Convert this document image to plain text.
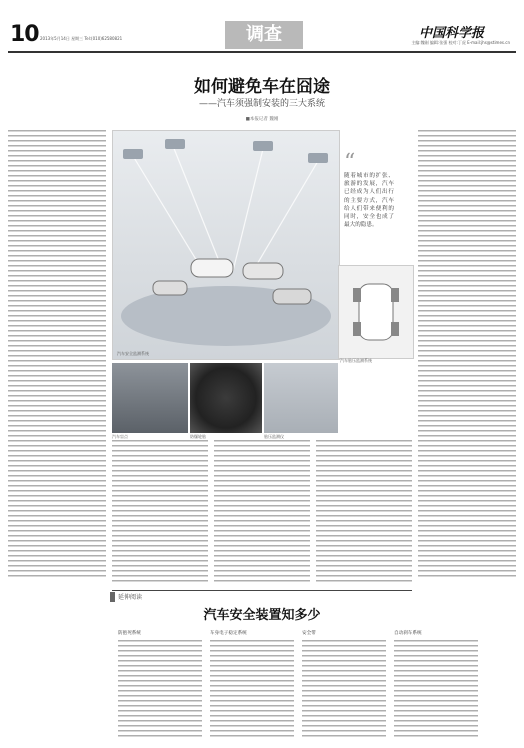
10 2013年5月14日 星期三 Tel:(010)62580821	调查	中国科学报
主编:魏刚 编辑:张强 校对:丁虎 E-mail:jhs@stimes.cn
如何避免车在囧途
——汽车须强制安装的三大系统
■本报记者 魏刚
汽车安全监测系统
“
随着城市的扩张、旅游的发展，汽车已经成为人们出行的主要方式，汽车给人们带来便利的同时，安全也成了最大的隐患。
汽车胎压监测系统
汽车盲点	防爆轮胎	胎压监测仪
延伸阅读
汽车安全装置知多少
防抱死系统	车身电子稳定系统	安全带	自动刹车系统
